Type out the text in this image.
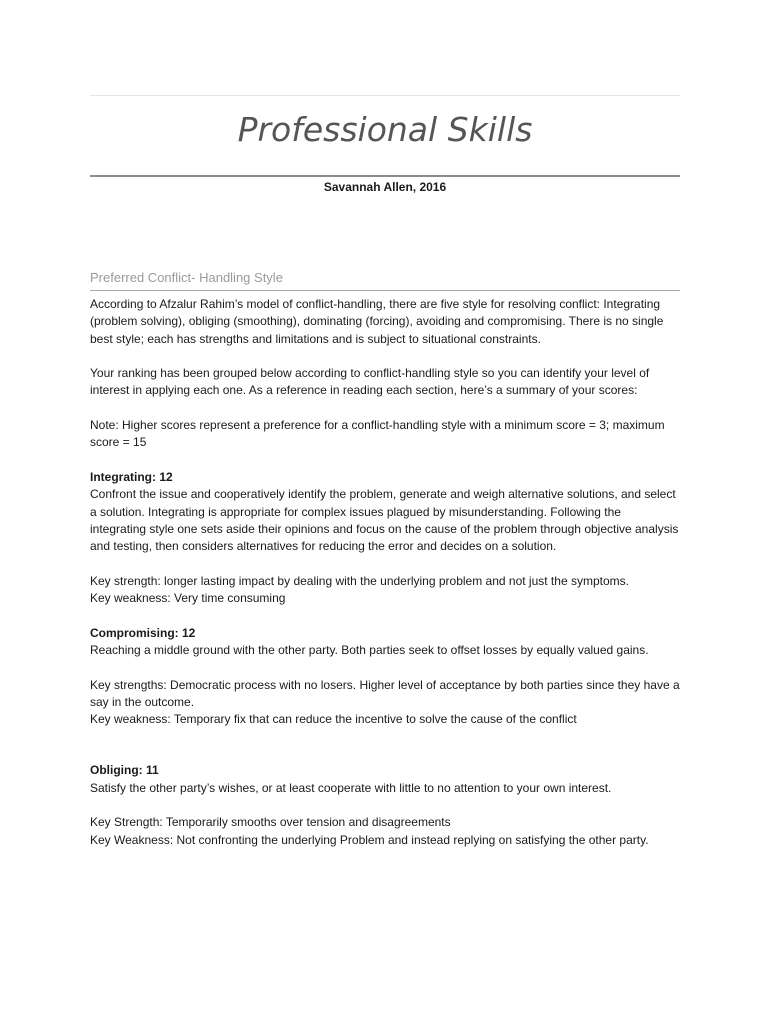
Professional Skills
Savannah Allen, 2016
Preferred Conflict- Handling Style

According to Afzalur Rahim’s model of conflict-handling, there are five style for resolving conflict: Integrating (problem solving), obliging (smoothing), dominating (forcing), avoiding and compromising. There is no single best style; each has strengths and limitations and is subject to situational constraints.

Your ranking has been grouped below according to conflict-handling style so you can identify your level of interest in applying each one. As a reference in reading each section, here’s a summary of your scores:

Note: Higher scores represent a preference for a conflict-handling style with a minimum score = 3; maximum score = 15

Integrating: 12

Confront the issue and cooperatively identify the problem, generate and weigh alternative solutions, and select a solution. Integrating is appropriate for complex issues plagued by misunderstanding. Following the integrating style one sets aside their opinions and focus on the cause of the problem through objective analysis and testing, then considers alternatives for reducing the error and decides on a solution.

Key strength: longer lasting impact by dealing with the underlying problem and not just the symptoms.

Key weakness: Very time consuming

Compromising: 12

Reaching a middle ground with the other party. Both parties seek to offset losses by equally valued gains.

Key strengths: Democratic process with no losers. Higher level of acceptance by both parties since they have a say in the outcome.

Key weakness: Temporary fix that can reduce the incentive to solve the cause of the conflict

Obliging: 11

Satisfy the other party’s wishes, or at least cooperate with little to no attention to your own interest.

Key Strength: Temporarily smooths over tension and disagreements

Key Weakness: Not confronting the underlying Problem and instead replying on satisfying the other party.
